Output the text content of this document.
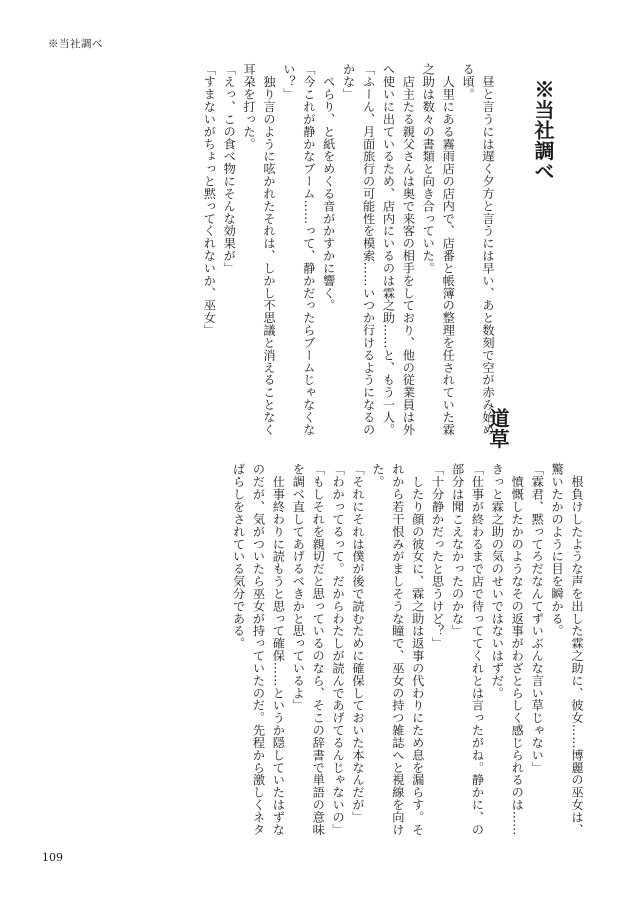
※当社調べ
※当社調べ
　昼と言うには遅く夕方と言うには早い、あと数刻で空が赤み始め
る頃。
　人里にある霧雨店の店内で、店番と帳簿の整理を任されていた霖
之助は数々の書類と向き合っていた。
　店主たる親父さんは奥で来客の相手をしており、他の従業員は外
へ使いに出ているため、店内にいるのは霖之助……と、もう一人。
「ふーん、月面旅行の可能性を模索……いつか行けるようになるの
かな」
　ぺらり、と紙をめくる音がかすかに響く。
「今これが静かなブーム……って、静かだったらブームじゃなくな
い？」
　独り言のように呟かれたそれは、しかし不思議と消えることなく
耳朶を打った。
「えっ、この食べ物にそんな効果が」
「すまないがちょっと黙ってくれないか、巫女」
道草
　根負けしたような声を出した霖之助に、彼女……博麗の巫女は、
驚いたかのように目を瞬かる。
「霖君、黙ってろだなんてずいぶんな言い草じゃない」
　憤慨したかのようなその返事がわざとらしく感じられるのは……
きっと霖之助の気のせいではないはずだ。
「仕事が終わるまで店で待っててくれとは言ったがね。静かに、の
部分は聞こえなかったのかな」
「十分静かだったと思うけど？」
　したり顔の彼女に、霖之助は返事の代わりにため息を漏らす。そ
れから若干恨みがましそうな瞳で、巫女の持つ雑誌へと視線を向け
た。
「それにそれは僕が後で読むために確保しておいた本なんだが」
「わかってるって。だからわたしが読んであげてるんじゃないの」
「もしそれを親切だと思っているのなら、そこの辞書で単語の意味
を調べ直してあげるべきかと思っているよ」
　仕事終わりに読もうと思って確保……というか隠していたはずな
のだが、気がついたら巫女が持っていたのだ。先程から激しくネタ
ばらしをされている気分である。
109
